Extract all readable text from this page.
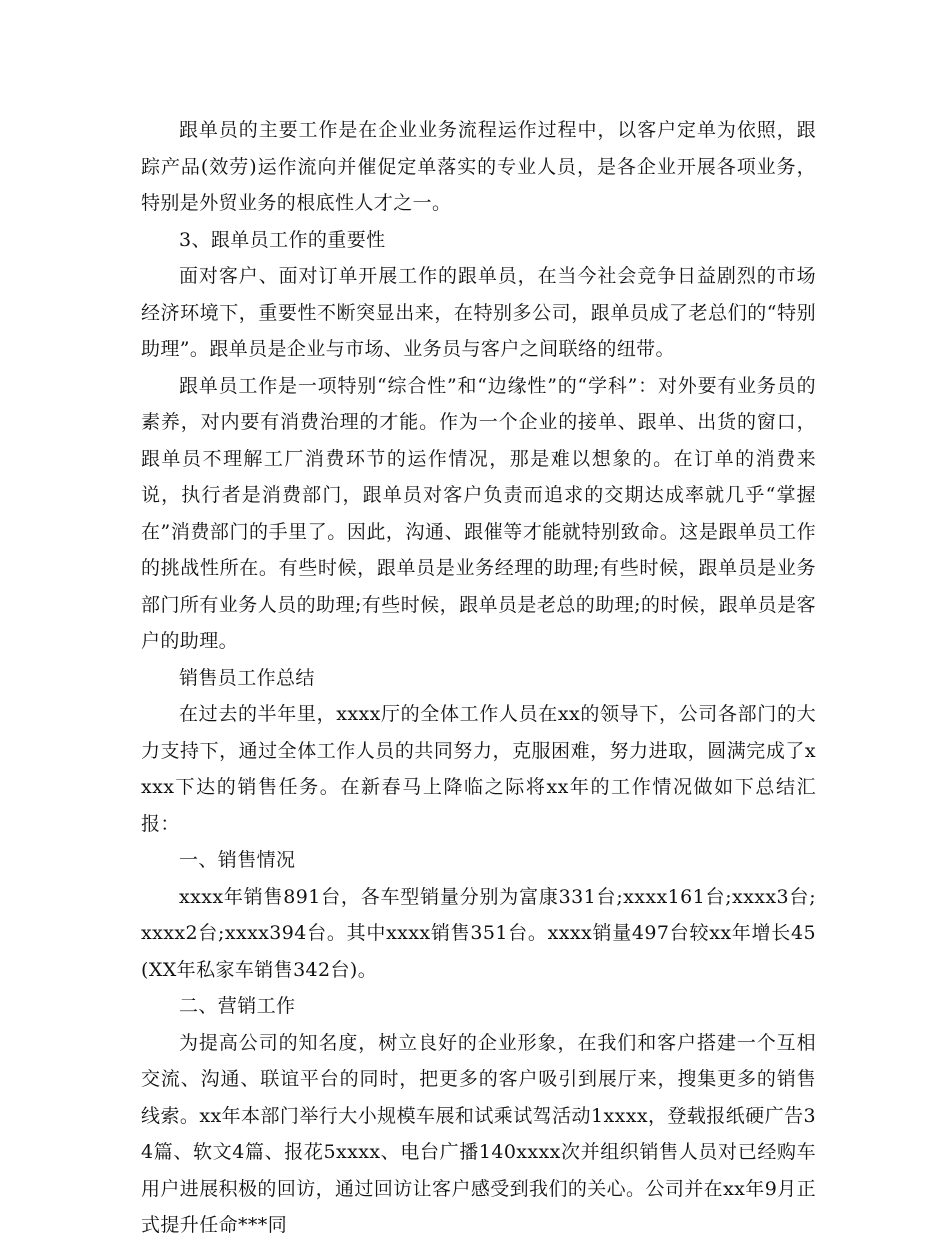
跟单员的主要工作是在企业业务流程运作过程中，以客户定单为依照，跟踪产品(效劳)运作流向并催促定单落实的专业人员，是各企业开展各项业务，特别是外贸业务的根底性人才之一。

3、跟单员工作的重要性

面对客户、面对订单开展工作的跟单员，在当今社会竞争日益剧烈的市场经济环境下，重要性不断突显出来，在特别多公司，跟单员成了老总们的“特别助理”。跟单员是企业与市场、业务员与客户之间联络的纽带。

跟单员工作是一项特别“综合性”和“边缘性”的“学科”：对外要有业务员的素养，对内要有消费治理的才能。作为一个企业的接单、跟单、出货的窗口，跟单员不理解工厂消费环节的运作情况，那是难以想象的。在订单的消费来说，执行者是消费部门，跟单员对客户负责而追求的交期达成率就几乎“掌握在”消费部门的手里了。因此，沟通、跟催等才能就特别致命。这是跟单员工作的挑战性所在。有些时候，跟单员是业务经理的助理;有些时候，跟单员是业务部门所有业务人员的助理;有些时候，跟单员是老总的助理;的时候，跟单员是客户的助理。

销售员工作总结

在过去的半年里，xxxx厅的全体工作人员在xx的领导下，公司各部门的大力支持下，通过全体工作人员的共同努力，克服困难，努力进取，圆满完成了xxxx下达的销售任务。在新春马上降临之际将xx年的工作情况做如下总结汇报：

一、销售情况

xxxx年销售891台，各车型销量分别为富康331台;xxxx161台;xxxx3台;xxxx2台;xxxx394台。其中xxxx销售351台。xxxx销量497台较xx年增长45(XX年私家车销售342台)。

二、营销工作

为提高公司的知名度，树立良好的企业形象，在我们和客户搭建一个互相交流、沟通、联谊平台的同时，把更多的客户吸引到展厅来，搜集更多的销售线索。xx年本部门举行大小规模车展和试乘试驾活动1xxxx，登载报纸硬广告34篇、软文4篇、报花5xxxx、电台广播140xxxx次并组织销售人员对已经购车用户进展积极的回访，通过回访让客户感受到我们的关心。公司并在xx年9月正式提升任命***同
